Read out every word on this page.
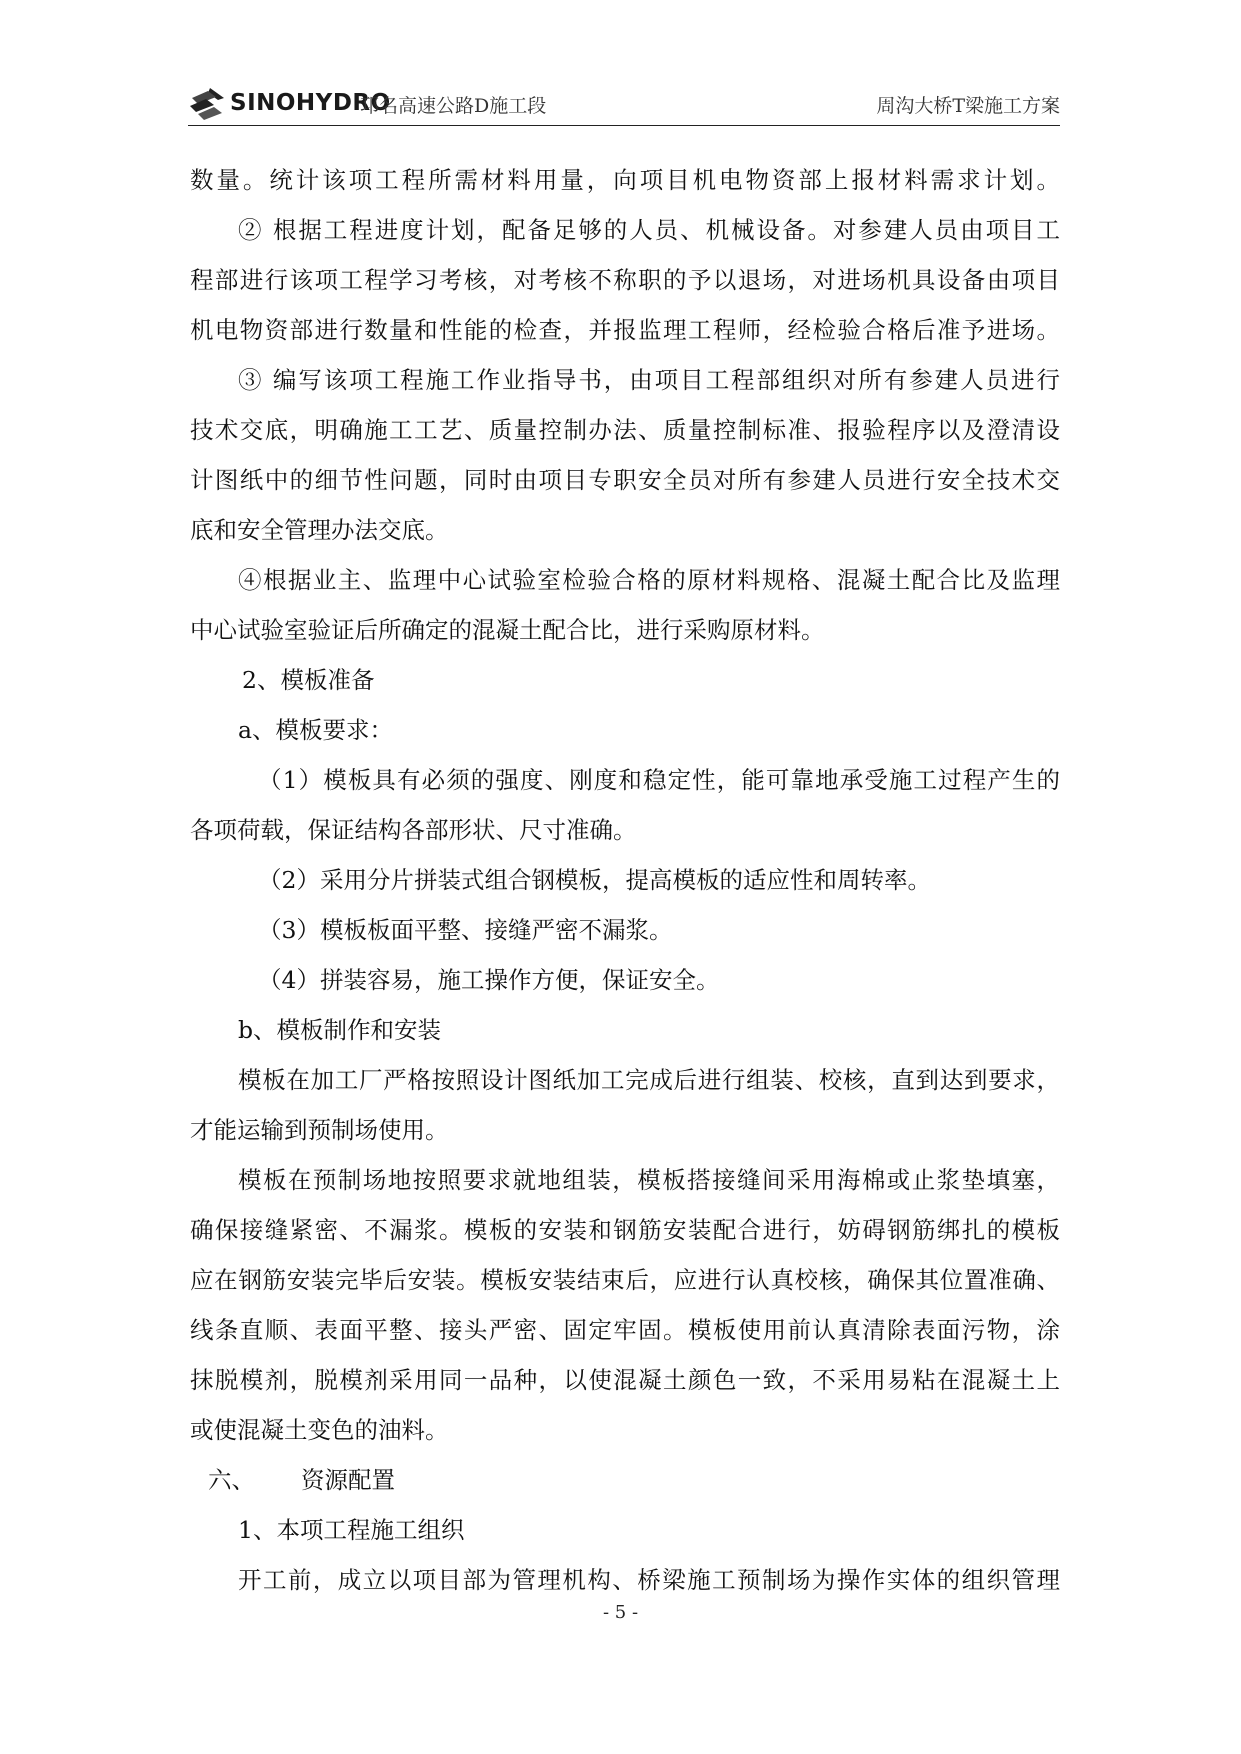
SINOHYDRO
邛名高速公路D施工段	周沟大桥T梁施工方案
数量。统计该项工程所需材料用量，向项目机电物资部上报材料需求计划。
② 根据工程进度计划，配备足够的人员、机械设备。对参建人员由项目工
程部进行该项工程学习考核，对考核不称职的予以退场，对进场机具设备由项目
机电物资部进行数量和性能的检查，并报监理工程师，经检验合格后准予进场。
③ 编写该项工程施工作业指导书，由项目工程部组织对所有参建人员进行
技术交底，明确施工工艺、质量控制办法、质量控制标准、报验程序以及澄清设
计图纸中的细节性问题，同时由项目专职安全员对所有参建人员进行安全技术交
底和安全管理办法交底。
④根据业主、监理中心试验室检验合格的原材料规格、混凝土配合比及监理
中心试验室验证后所确定的混凝土配合比，进行采购原材料。
2、模板准备
a、模板要求：
（1）模板具有必须的强度、刚度和稳定性，能可靠地承受施工过程产生的
各项荷载，保证结构各部形状、尺寸准确。
（2）采用分片拼装式组合钢模板，提高模板的适应性和周转率。
（3）模板板面平整、接缝严密不漏浆。
（4）拼装容易，施工操作方便，保证安全。
b、模板制作和安装
模板在加工厂严格按照设计图纸加工完成后进行组装、校核，直到达到要求，
才能运输到预制场使用。
模板在预制场地按照要求就地组装，模板搭接缝间采用海棉或止浆垫填塞，
确保接缝紧密、不漏浆。模板的安装和钢筋安装配合进行，妨碍钢筋绑扎的模板
应在钢筋安装完毕后安装。模板安装结束后，应进行认真校核，确保其位置准确、
线条直顺、表面平整、接头严密、固定牢固。模板使用前认真清除表面污物，涂
抹脱模剂，脱模剂采用同一品种，以使混凝土颜色一致，不采用易粘在混凝土上
或使混凝土变色的油料。
六、 资源配置
1、本项工程施工组织
开工前，成立以项目部为管理机构、桥梁施工预制场为操作实体的组织管理
- 5 -
